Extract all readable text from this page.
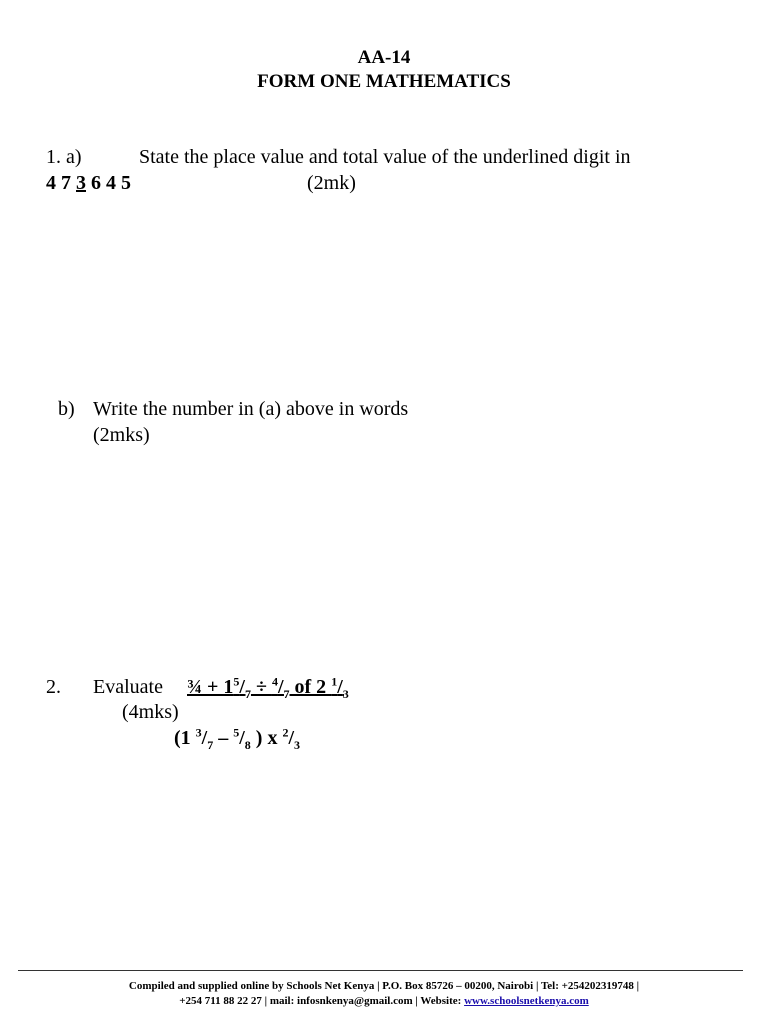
AA-14
FORM ONE MATHEMATICS
1. a)	State the place value and total value of the underlined digit in
4 7 3 6 4 5	(2mk)
b) Write the number in (a) above in words
(2mks)
2. Evaluate ¾ + $1^5/_7 \div ^4/_7$ of 2 $^1/_3$
(4mks)
(1 $^3/_7 - ^5/_8$ ) x $^2/_3$
Compiled and supplied online by Schools Net Kenya | P.O. Box 85726 – 00200, Nairobi | Tel: +254202319748 |
+254 711 88 22 27 | mail: infosnkenya@gmail.com | Website: www.schoolsnetkenya.com
